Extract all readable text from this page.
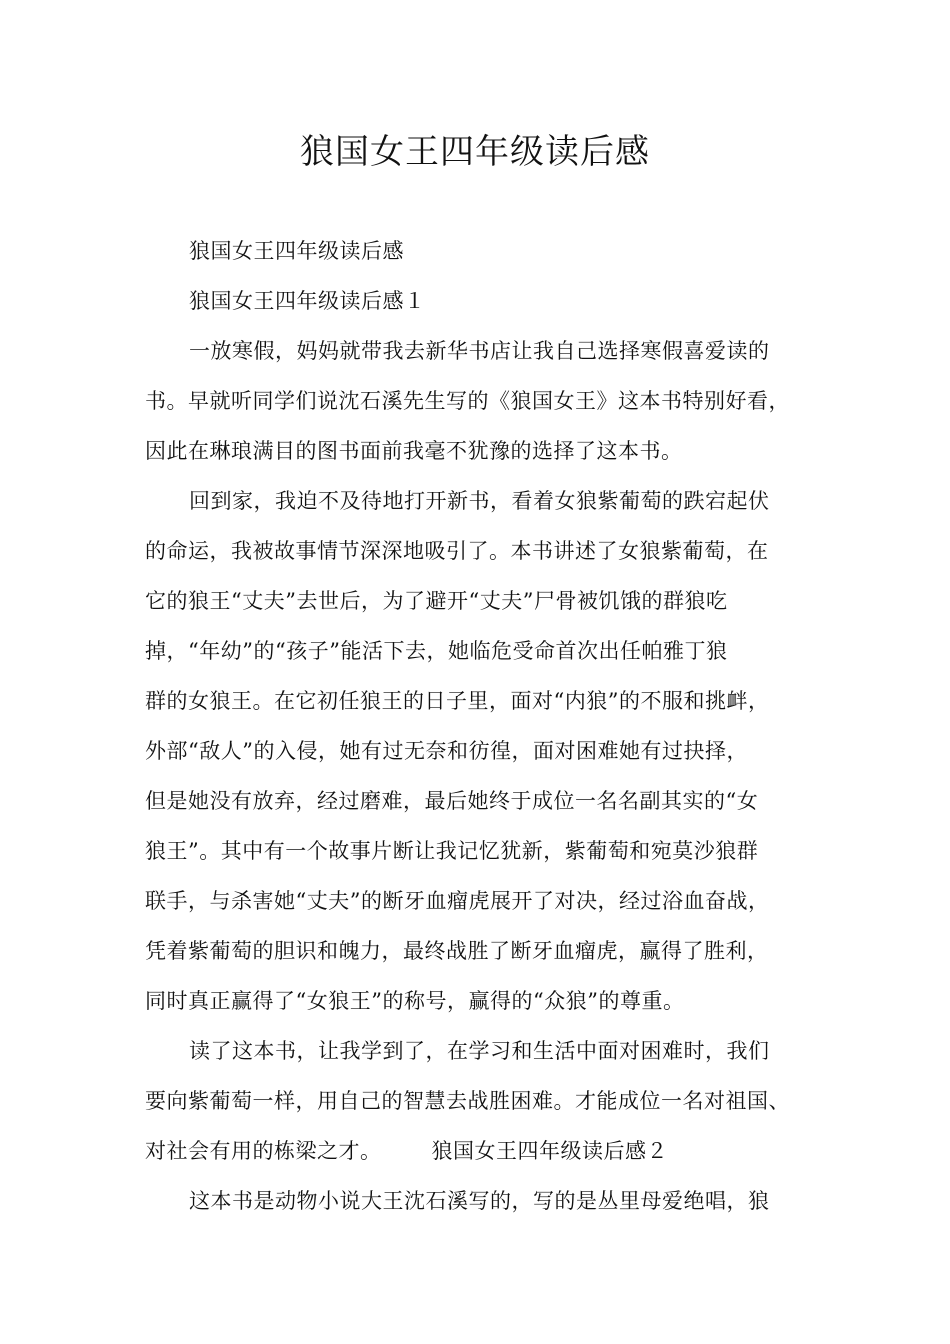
狼国女王四年级读后感
狼国女王四年级读后感
狼国女王四年级读后感１
一放寒假，妈妈就带我去新华书店让我自己选择寒假喜爱读的
书。早就听同学们说沈石溪先生写的《狼国女王》这本书特别好看，
因此在琳琅满目的图书面前我毫不犹豫的选择了这本书。
回到家，我迫不及待地打开新书，看着女狼紫葡萄的跌宕起伏
的命运，我被故事情节深深地吸引了。本书讲述了女狼紫葡萄，在
它的狼王“丈夫”去世后，为了避开“丈夫”尸骨被饥饿的群狼吃
掉，“年幼”的“孩子”能活下去，她临危受命首次出任帕雅丁狼
群的女狼王。在它初任狼王的日子里，面对“内狼”的不服和挑衅，
外部“敌人”的入侵，她有过无奈和彷徨，面对困难她有过抉择，
但是她没有放弃，经过磨难，最后她终于成位一名名副其实的“女
狼王”。其中有一个故事片断让我记忆犹新，紫葡萄和宛莫沙狼群
联手，与杀害她“丈夫”的断牙血瘤虎展开了对决，经过浴血奋战，
凭着紫葡萄的胆识和魄力，最终战胜了断牙血瘤虎，赢得了胜利，
同时真正赢得了“女狼王”的称号，赢得的“众狼”的尊重。
读了这本书，让我学到了，在学习和生活中面对困难时，我们
要向紫葡萄一样，用自己的智慧去战胜困难。才能成位一名对祖国、
对社会有用的栋梁之才。 狼国女王四年级读后感２
这本书是动物小说大王沈石溪写的，写的是丛里母爱绝唱，狼
